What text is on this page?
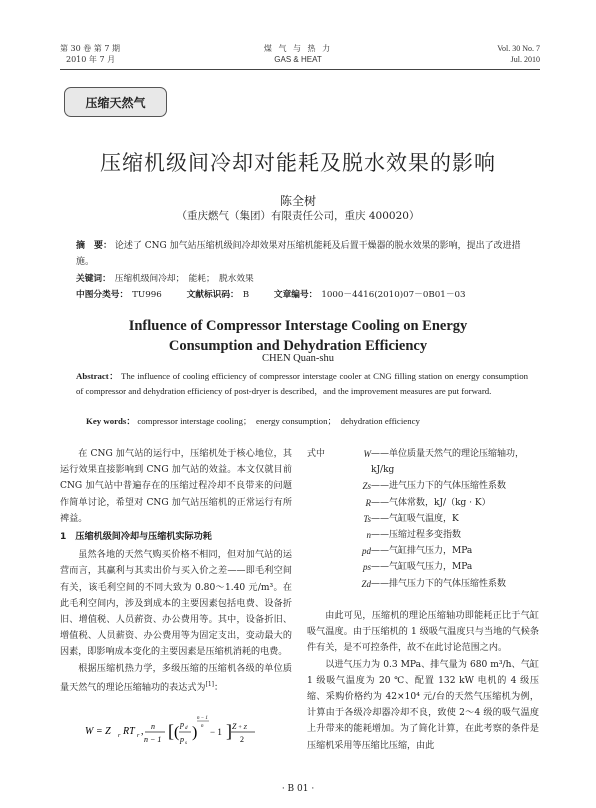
第 30 卷 第 7 期
2010 年 7 月
煤 气 与 热 力
GAS & HEAT
Vol. 30 No. 7
Jul. 2010
压缩天然气
压缩机级间冷却对能耗及脱水效果的影响
陈全树
（重庆燃气（集团）有限责任公司，重庆 400020）
摘　要： 论述了 CNG 加气站压缩机级间冷却效果对压缩机能耗及后置干燥器的脱水效果的影响，提出了改进措施。
关键词： 压缩机级间冷却；　能耗；　脱水效果
中图分类号： TU996	文献标识码： B	文章编号： 1000－4416(2010)07－0B01－03
Influence of Compressor Interstage Cooling on Energy
Consumption and Dehydration Efficiency
CHEN Quan-shu
Abstract： The influence of cooling efficiency of compressor interstage cooler at CNG filling station on energy consumption of compressor and dehydration efficiency of post-dryer is described，and the improvement measures are put forward.
Key words： compressor interstage cooling；　energy consumption；　dehydration efficiency

在 CNG 加气站的运行中，压缩机处于核心地位，其运行效果直接影响到 CNG 加气站的效益。本文仅就目前 CNG 加气站中普遍存在的压缩过程冷却不良带来的问题作简单讨论，希望对 CNG 加气站压缩机的正常运行有所裨益。

1　压缩机级间冷却与压缩机实际功耗

虽然各地的天然气购买价格不相同，但对加气站的运营而言，其赢利与其卖出价与买入价之差——即毛利空间有关，该毛利空间的不同大致为 0.80～1.40 元/m³。在此毛利空间内，涉及到成本的主要因素包括电费、设备折旧、增值税、人员薪资、办公费用等。其中，设备折旧、增值税、人员薪资、办公费用等为固定支出，变动最大的因素，即影响成本变化的主要因素是压缩机消耗的电费。

根据压缩机热力学，多级压缩的压缩机各级的单位质量天然气的理论压缩轴功的表达式为[1]：

W = Z r RT r , n
n − 1 [ ( p d
p s
)
n − 1
n
− 1 ] Z + Z
2
式中	W ——单位质量天然气的理论压缩轴功，kJ/kg
Zs ——进气压力下的气体压缩性系数
R ——气体常数，kJ/（kg · K）
Ts ——气缸吸气温度，K
n ——压缩过程多变指数
pd ——气缸排气压力，MPa
ps ——气缸吸气压力，MPa
Zd ——排气压力下的气体压缩性系数

由此可见，压缩机的理论压缩轴功即能耗正比于气缸吸气温度。由于压缩机的 1 级吸气温度只与当地的气候条件有关，是不可控条件，故不在此讨论范围之内。

以进气压力为 0.3 MPa、排气量为 680 m³/h、气缸 1 级吸气温度为 20 ℃、配置 132 kW 电机的 4 级压缩、采购价格约为 42×10⁴ 元/台的天然气压缩机为例，计算由于各级冷却器冷却不良，致使 2～4 级的吸气温度上升带来的能耗增加。为了简化计算，在此考察的条件是压缩机采用等压缩比压缩，由此

· B 01 ·
